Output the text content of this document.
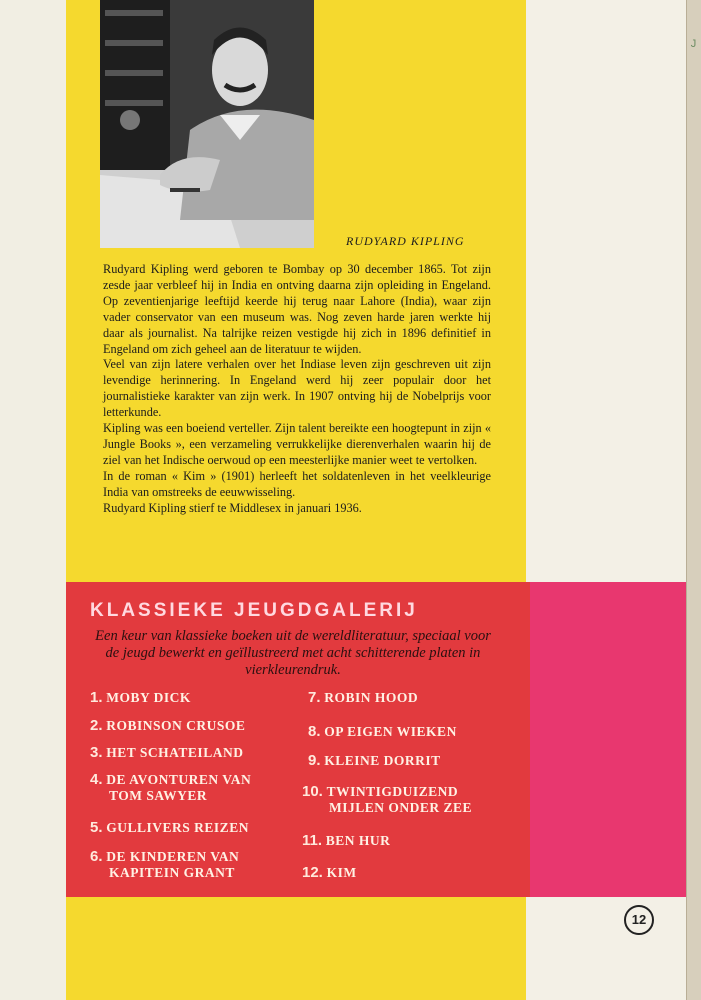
J
RUDYARD KIPLING

Rudyard Kipling werd geboren te Bombay op 30 december 1865. Tot zijn zesde jaar verbleef hij in India en ontving daarna zijn opleiding in Engeland. Op zeventienjarige leeftijd keerde hij terug naar Lahore (India), waar zijn vader conservator van een museum was. Nog zeven harde jaren werkte hij daar als journalist. Na talrijke reizen vestigde hij zich in 1896 definitief in Engeland om zich geheel aan de literatuur te wijden.

Veel van zijn latere verhalen over het Indiase leven zijn geschreven uit zijn levendige herinnering. In Engeland werd hij zeer populair door het journalistieke karakter van zijn werk. In 1907 ontving hij de Nobelprijs voor letterkunde.

Kipling was een boeiend verteller. Zijn talent bereikte een hoogtepunt in zijn « Jungle Books », een verzameling verrukkelijke dierenverhalen waarin hij de ziel van het Indische oerwoud op een meesterlijke manier weet te vertolken.

In de roman « Kim » (1901) herleeft het soldatenleven in het veelkleurige India van omstreeks de eeuwwisseling.

Rudyard Kipling stierf te Middlesex in januari 1936.

KLASSIEKE JEUGDGALERIJ
Een keur van klassieke boeken uit de wereldliteratuur, speciaal voor de jeugd bewerkt en geïllustreerd met acht schitterende platen in vierkleurendruk.
1. MOBY DICK
2. ROBINSON CRUSOE
3. HET SCHATEILAND
4. DE AVONTUREN VAN
TOM SAWYER
5. GULLIVERS REIZEN
6. DE KINDEREN VAN
KAPITEIN GRANT
7. ROBIN HOOD
8. OP EIGEN WIEKEN
9. KLEINE DORRIT
10. TWINTIGDUIZEND
MIJLEN ONDER ZEE
11. BEN HUR
12. KIM
12
